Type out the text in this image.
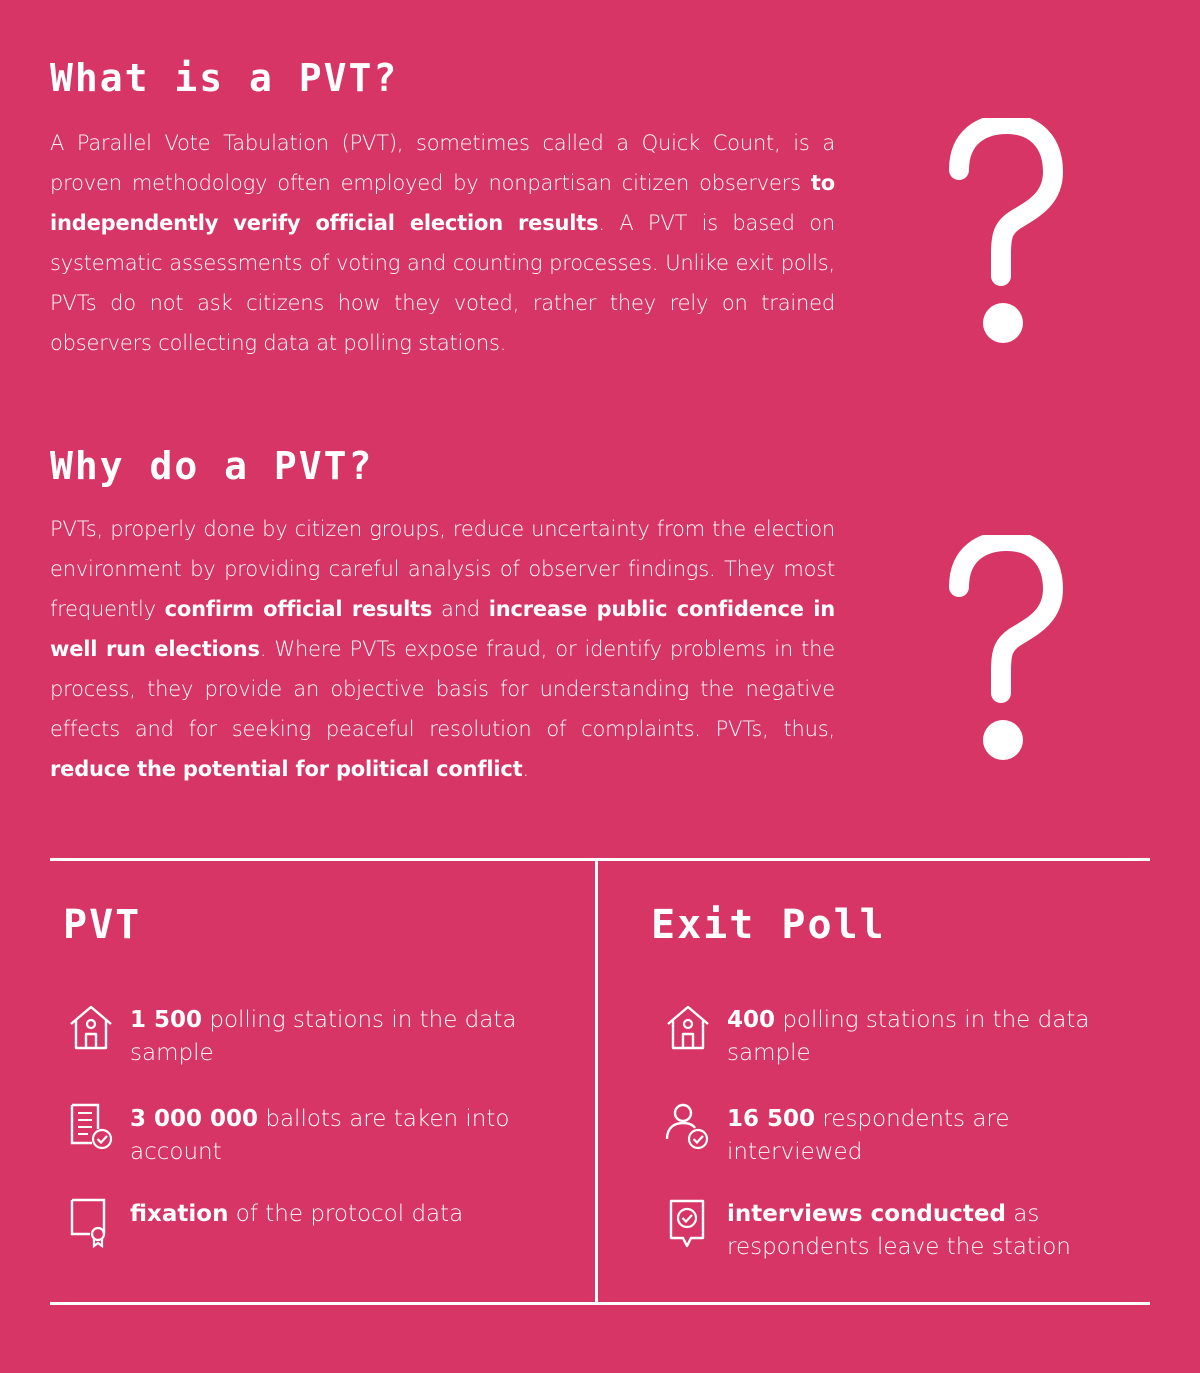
What is a PVT?

A Parallel Vote Tabulation (PVT), sometimes called a Quick Count, is a proven methodology often employed by nonpartisan citizen observers to independently verify official election results. A PVT is based on systematic assessments of voting and counting processes. Unlike exit polls, PVTs do not ask citizens how they voted, rather they rely on trained observers collecting data at polling stations.

Why do a PVT?

PVTs, properly done by citizen groups, reduce uncertainty from the election environment by providing careful analysis of observer findings. They most frequently confirm official results and increase public confidence in well run elections. Where PVTs expose fraud, or identify problems in the process, they provide an objective basis for understanding the negative effects and for seeking peaceful resolution of complaints. PVTs, thus, reduce the potential for political conflict.

PVT
1 500 polling stations in the data sample
3 000 000 ballots are taken into account
fixation of the protocol data
Exit Poll
400 polling stations in the data sample
16 500 respondents are interviewed
interviews conducted as respondents leave the station
